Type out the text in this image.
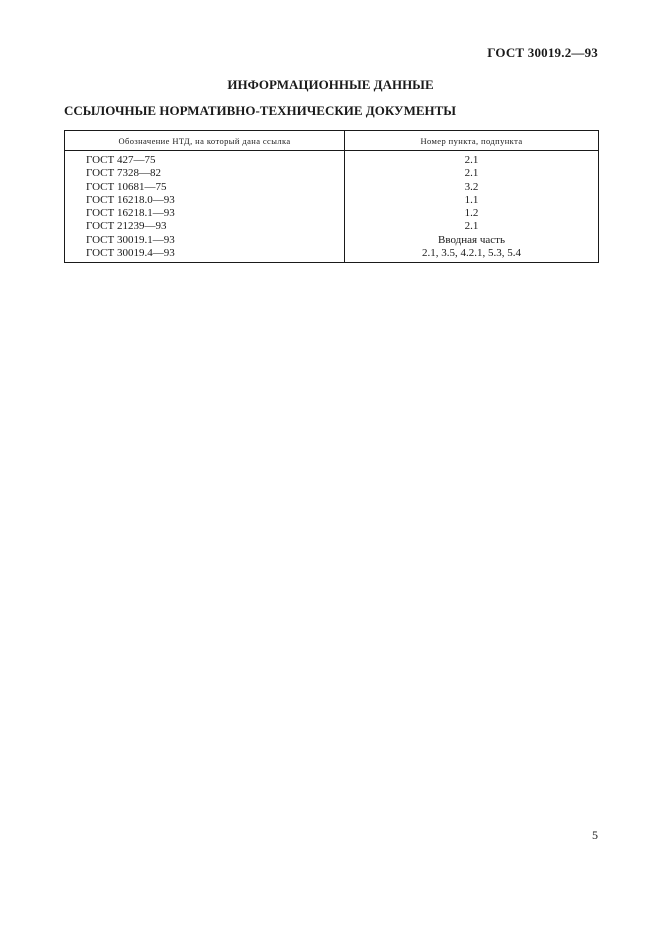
ГОСТ 30019.2—93
ИНФОРМАЦИОННЫЕ ДАННЫЕ
ССЫЛОЧНЫЕ НОРМАТИВНО-ТЕХНИЧЕСКИЕ ДОКУМЕНТЫ
Обозначение НТД, на который дана ссылка	Номер пункта, подпункта
ГОСТ 427—75	2.1
ГОСТ 7328—82	2.1
ГОСТ 10681—75	3.2
ГОСТ 16218.0—93	1.1
ГОСТ 16218.1—93	1.2
ГОСТ 21239—93	2.1
ГОСТ 30019.1—93	Вводная часть
ГОСТ 30019.4—93	2.1, 3.5, 4.2.1, 5.3, 5.4
5
